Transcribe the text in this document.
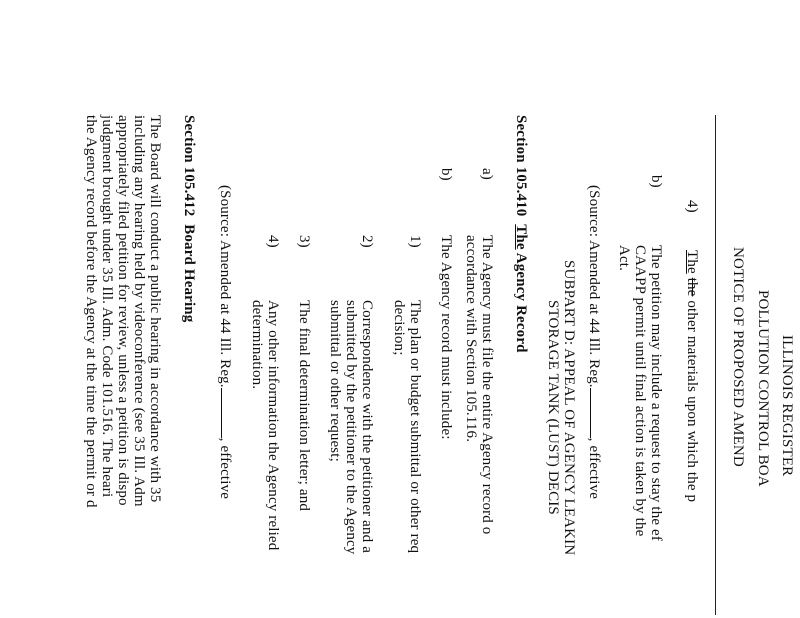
ILLINOIS REGISTER
POLLUTION CONTROL BOA
NOTICE OF PROPOSED AMEND
4)
The the other materials upon which the p
b)
The petition may include a request to stay the ef
CAAPP permit until final action is taken by the
Act.
(Source: Amended at 44 Ill. Reg., effective
SUBPART D: APPEAL OF AGENCY LEAKIN
STORAGE TANK (LUST) DECIS
Section 105.410  The Agency Record
a)
The Agency must file the entire Agency record o
accordance with Section 105.116.
b)
The Agency record must include:
1)
The plan or budget submittal or other req
decision;
2)
Correspondence with the petitioner and a
submitted by the petitioner to the Agency
submittal or other request;
3)
The final determination letter; and
4)
Any other information the Agency relied
determination.
(Source: Amended at 44 Ill. Reg., effective
Section 105.412  Board Hearing
The Board will conduct a public hearing in accordance with 35
including any hearing held by videoconference (see 35 Ill. Adm
appropriately filed petition for review, unless a petition is dispo
judgment brought under 35 Ill. Adm. Code 101.516. The heari
the Agency record before the Agency at the time the permit or d
